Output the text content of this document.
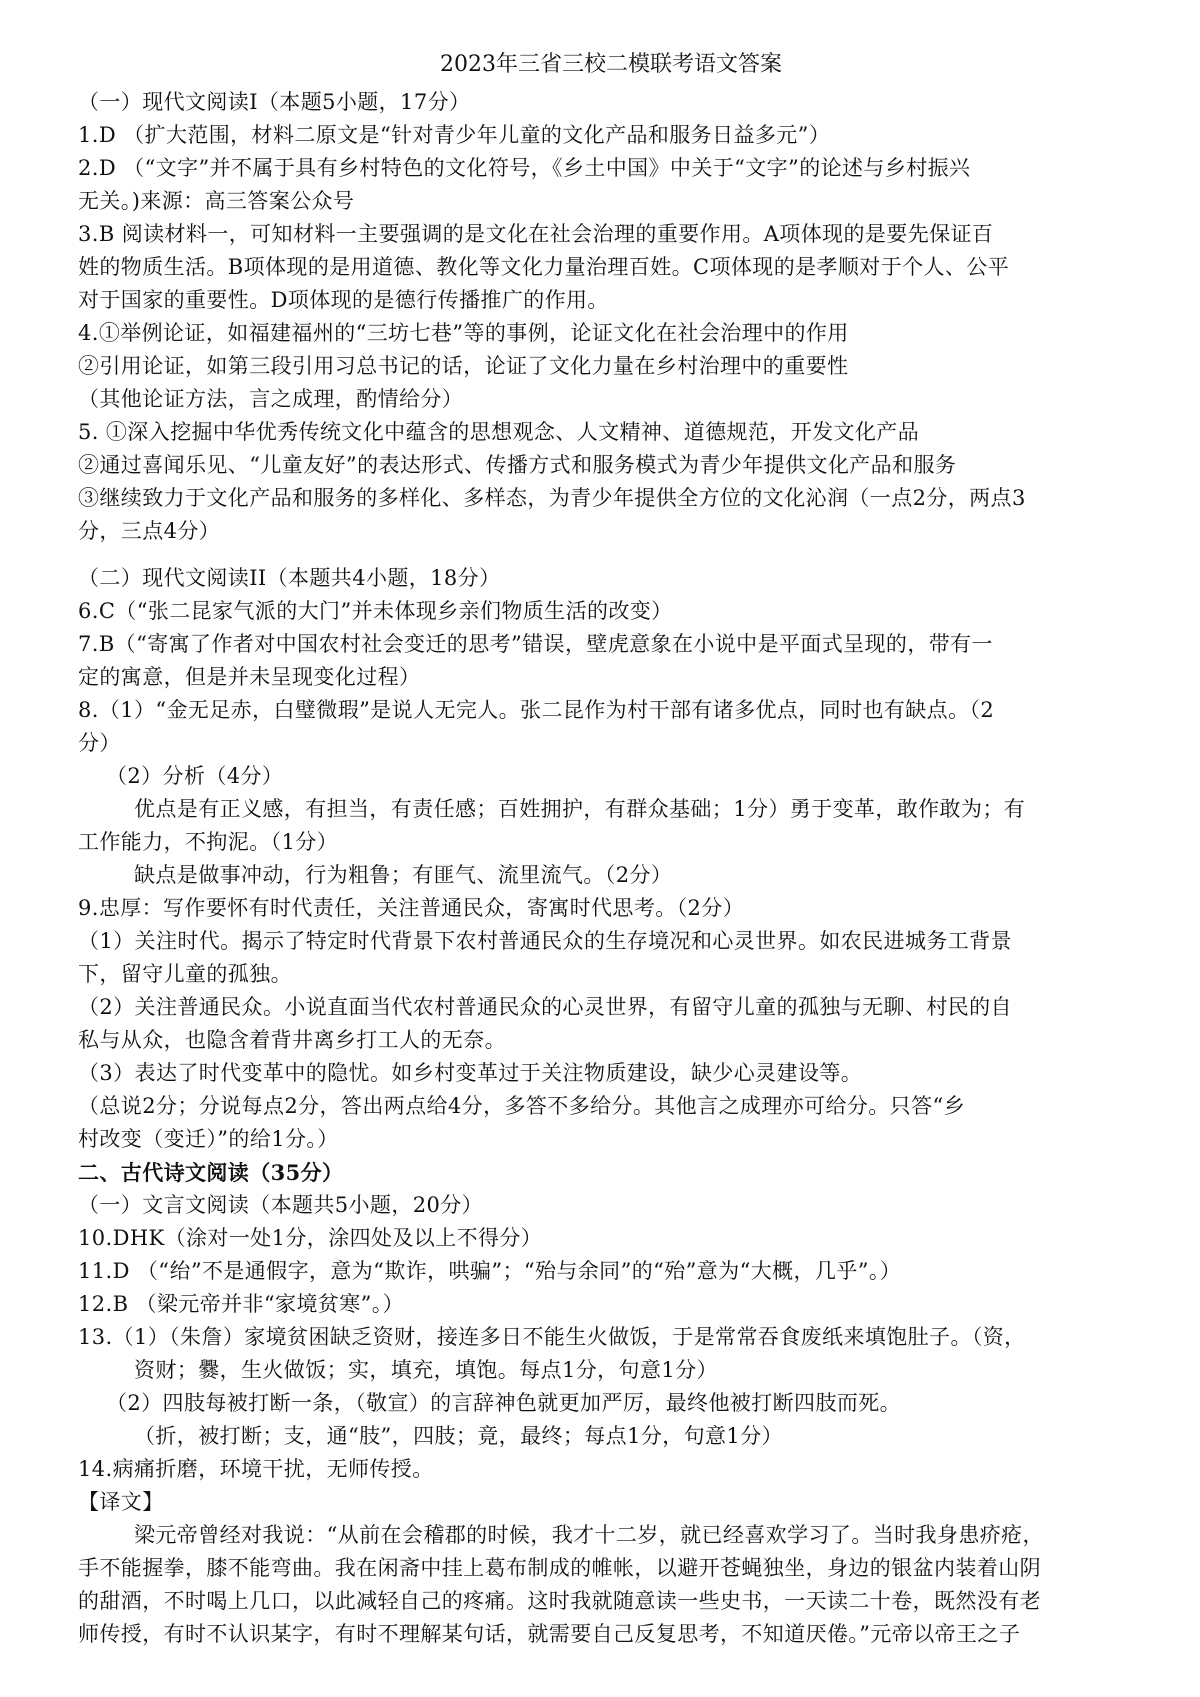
2023年三省三校二模联考语文答案
（一）现代文阅读Ⅰ（本题5小题，17分）
1.D （扩大范围，材料二原文是“针对青少年儿童的文化产品和服务日益多元”）
2.D （“文字”并不属于具有乡村特色的文化符号，《乡土中国》中关于“文字”的论述与乡村振兴
无关。)来源：高三答案公众号
3.B 阅读材料一，可知材料一主要强调的是文化在社会治理的重要作用。A项体现的是要先保证百
姓的物质生活。B项体现的是用道德、教化等文化力量治理百姓。C项体现的是孝顺对于个人、公平
对于国家的重要性。D项体现的是德行传播推广的作用。
4.①举例论证，如福建福州的“三坊七巷”等的事例，论证文化在社会治理中的作用
②引用论证，如第三段引用习总书记的话，论证了文化力量在乡村治理中的重要性
（其他论证方法，言之成理，酌情给分）
5. ①深入挖掘中华优秀传统文化中蕴含的思想观念、人文精神、道德规范，开发文化产品
②通过喜闻乐见、“儿童友好”的表达形式、传播方式和服务模式为青少年提供文化产品和服务
③继续致力于文化产品和服务的多样化、多样态，为青少年提供全方位的文化沁润（一点2分，两点3
分，三点4分）
（二）现代文阅读II（本题共4小题，18分）
6.C（“张二昆家气派的大门”并未体现乡亲们物质生活的改变）
7.B（“寄寓了作者对中国农村社会变迁的思考”错误，壁虎意象在小说中是平面式呈现的，带有一
定的寓意，但是并未呈现变化过程）
8.（1）“金无足赤，白璧微瑕”是说人无完人。张二昆作为村干部有诸多优点，同时也有缺点。（2
分）
（2）分析（4分）
优点是有正义感，有担当，有责任感；百姓拥护，有群众基础；1分）勇于变革，敢作敢为；有
工作能力，不拘泥。（1分）
缺点是做事冲动，行为粗鲁；有匪气、流里流气。（2分）
9.忠厚：写作要怀有时代责任，关注普通民众，寄寓时代思考。（2分）
（1）关注时代。揭示了特定时代背景下农村普通民众的生存境况和心灵世界。如农民进城务工背景
下，留守儿童的孤独。
（2）关注普通民众。小说直面当代农村普通民众的心灵世界，有留守儿童的孤独与无聊、村民的自
私与从众，也隐含着背井离乡打工人的无奈。
（3）表达了时代变革中的隐忧。如乡村变革过于关注物质建设，缺少心灵建设等。
（总说2分；分说每点2分，答出两点给4分，多答不多给分。其他言之成理亦可给分。只答“乡
村改变（变迁）”的给1分。）
二、古代诗文阅读（35分）
（一）文言文阅读（本题共5小题，20分）
10.DHK（涂对一处1分，涂四处及以上不得分）
11.D （“绐”不是通假字，意为“欺诈，哄骗”；“殆与余同”的“殆”意为“大概，几乎”。）
12.B （梁元帝并非“家境贫寒”。）
13.（1）（朱詹）家境贫困缺乏资财，接连多日不能生火做饭，于是常常吞食废纸来填饱肚子。（资，
资财；爨，生火做饭；实，填充，填饱。每点1分，句意1分）
（2）四肢每被打断一条，（敬宣）的言辞神色就更加严厉，最终他被打断四肢而死。
（折，被打断；支，通“肢”，四肢；竟，最终；每点1分，句意1分）
14.病痛折磨，环境干扰，无师传授。
【译文】
梁元帝曾经对我说：“从前在会稽郡的时候，我才十二岁，就已经喜欢学习了。当时我身患疥疮，
手不能握拳，膝不能弯曲。我在闲斋中挂上葛布制成的帷帐，以避开苍蝇独坐，身边的银盆内装着山阴
的甜酒，不时喝上几口，以此减轻自己的疼痛。这时我就随意读一些史书，一天读二十卷，既然没有老
师传授，有时不认识某字，有时不理解某句话，就需要自己反复思考，不知道厌倦。”元帝以帝王之子
